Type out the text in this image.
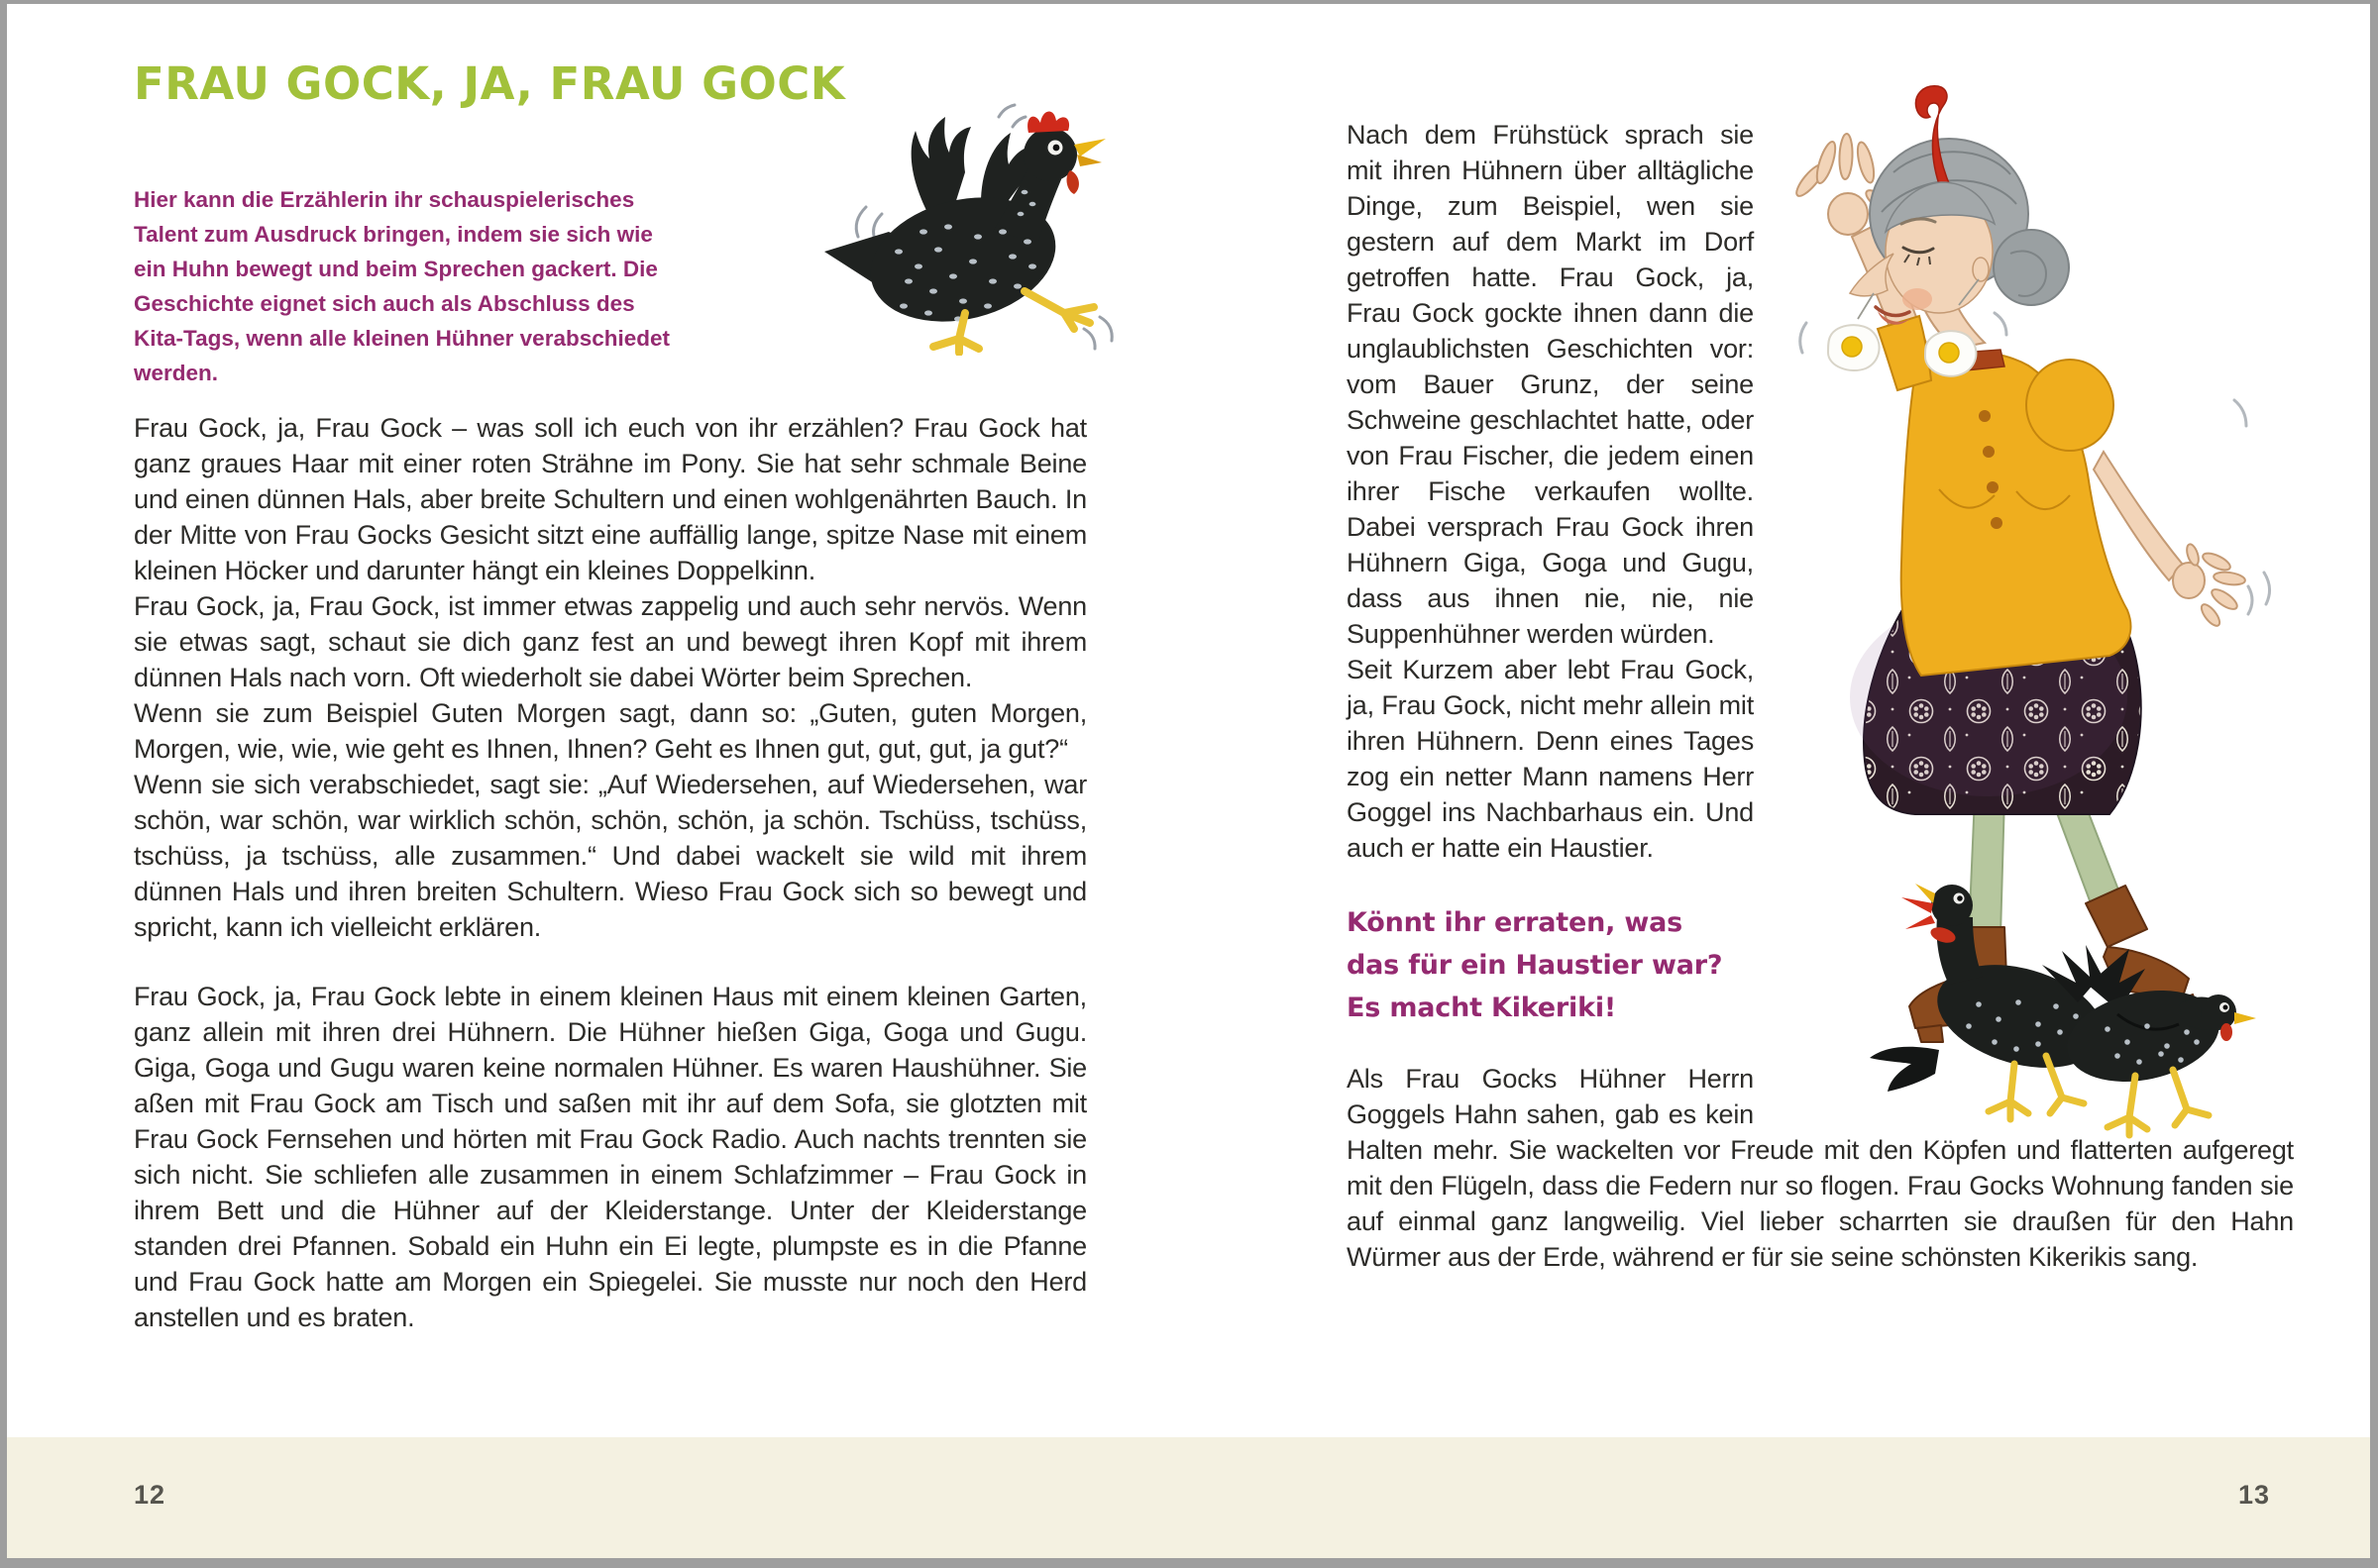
FRAU GOCK, JA, FRAU GOCK

Hier kann die Erzählerin ihr schauspielerisches Talent zum Ausdruck bringen, indem sie sich wie ein Huhn bewegt und beim Sprechen gackert. Die Geschichte eignet sich auch als Abschluss des Kita-Tags, wenn alle kleinen Hühner verabschiedet werden.

Frau Gock, ja, Frau Gock – was soll ich euch von ihr erzählen? Frau Gock hat ganz graues Haar mit einer roten Strähne im Pony. Sie hat sehr schmale Beine und einen dünnen Hals, aber breite Schultern und einen wohlgenährten Bauch. In der Mitte von Frau Gocks Gesicht sitzt eine auffällig lange, spitze Nase mit einem kleinen Höcker und darunter hängt ein kleines Doppelkinn.

Frau Gock, ja, Frau Gock, ist immer etwas zappelig und auch sehr nervös. Wenn sie etwas sagt, schaut sie dich ganz fest an und bewegt ihren Kopf mit ihrem dünnen Hals nach vorn. Oft wiederholt sie dabei Wörter beim Sprechen.

Wenn sie zum Beispiel Guten Morgen sagt, dann so: „Guten, guten Morgen, Morgen, wie, wie, wie geht es Ihnen, Ihnen? Geht es Ihnen gut, gut, gut, ja gut?“

Wenn sie sich verabschiedet, sagt sie: „Auf Wiedersehen, auf Wiedersehen, war schön, war schön, war wirklich schön, schön, schön, ja schön. Tschüss, tschüss, tschüss, ja tschüss, alle zusammen.“ Und dabei wackelt sie wild mit ihrem dünnen Hals und ihren breiten Schultern. Wieso Frau Gock sich so bewegt und spricht, kann ich vielleicht erklären.

Frau Gock, ja, Frau Gock lebte in einem kleinen Haus mit einem kleinen Garten, ganz allein mit ihren drei Hühnern. Die Hühner hießen Giga, Goga und Gugu. Giga, Goga und Gugu waren keine normalen Hühner. Es waren Haushühner. Sie aßen mit Frau Gock am Tisch und saßen mit ihr auf dem Sofa, sie glotzten mit Frau Gock Fernsehen und hörten mit Frau Gock Radio. Auch nachts trennten sie sich nicht. Sie schliefen alle zusammen in einem Schlafzimmer – Frau Gock in ihrem Bett und die Hühner auf der Kleiderstange. Unter der Kleiderstange standen drei Pfannen. Sobald ein Huhn ein Ei legte, plumpste es in die Pfanne und Frau Gock hatte am Morgen ein Spiegelei. Sie musste nur noch den Herd anstellen und es braten.

Nach dem Frühstück sprach sie mit ihren Hühnern über alltägliche Dinge, zum Beispiel, wen sie gestern auf dem Markt im Dorf getroffen hatte. Frau Gock, ja, Frau Gock gockte ihnen dann die unglaublichsten Geschichten vor: vom Bauer Grunz, der seine Schweine geschlachtet hatte, oder von Frau Fischer, die jedem einen ihrer Fische verkaufen wollte. Dabei versprach Frau Gock ihren Hühnern Giga, Goga und Gugu, dass aus ihnen nie, nie, nie Suppenhühner werden würden.

Seit Kurzem aber lebt Frau Gock, ja, Frau Gock, nicht mehr allein mit ihren Hühnern. Denn eines Tages zog ein netter Mann namens Herr Goggel ins Nachbarhaus ein. Und auch er hatte ein Haustier.

Könnt ihr erraten, was
das für ein Haustier war?
Es macht Kikeriki!

Als Frau Gocks Hühner Herrn Goggels Hahn sahen, gab es kein Halten mehr. Sie wackelten vor Freude mit den Köpfen und flatterten aufgeregt mit den Flügeln, dass die Federn nur so flogen. Frau Gocks Wohnung fanden sie auf einmal ganz langweilig. Viel lieber scharrten sie draußen für den Hahn Würmer aus der Erde, während er für sie seine schönsten Kikerikis sang.

12	13
